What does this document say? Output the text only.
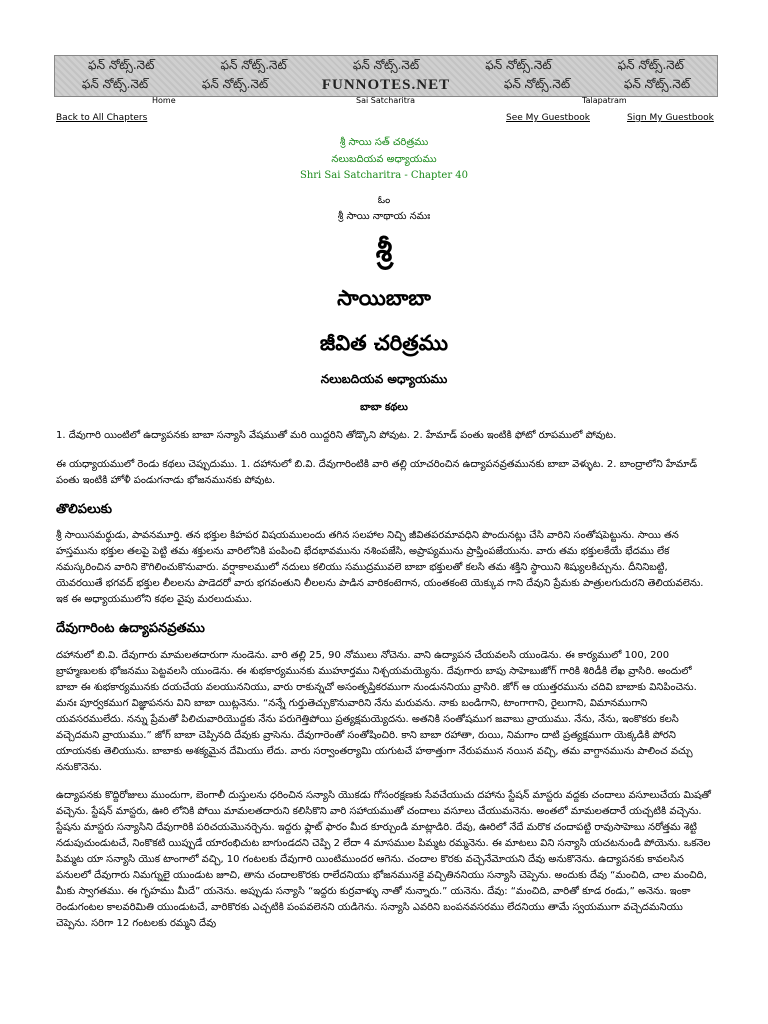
ఫన్ నోట్స్.నెట్	ఫన్ నోట్స్.నెట్	ఫన్ నోట్స్.నెట్	ఫన్ నోట్స్.నెట్	ఫన్ నోట్స్.నెట్
ఫన్ నోట్స్.నెట్	ఫన్ నోట్స్.నెట్	FUNNOTES.NET	ఫన్ నోట్స్.నెట్	ఫన్ నోట్స్.నెట్
Home	Sai Satcharitra	Talapatram
Back to All Chapters	See My Guestbook	Sign My Guestbook
శ్రీ సాయి సత్ చరిత్రము
నలుబదియవ అధ్యాయము
Shri Sai Satcharitra - Chapter 40
ఓం
శ్రీ సాయి నాథాయ నమః
శ్రీ
సాయిబాబా
జీవిత చరిత్రము
నలుబదియవ అధ్యాయము
బాబా కథలు

1. దేవుగారి యింటిలో ఉద్యాపనకు బాబా సన్యాసి వేషముతో మరి యిద్దరిని తోడ్కొని పోవుట. 2. హేమాడ్ పంతు ఇంటికి ఫోటో రూపములో పోవుట.

ఈ యధ్యాయములో రెండు కథలు చెప్పుదుము. 1. దహానులో బి.వి. దేవుగారింటికి వారి తల్లి యాచరించిన ఉద్యాపనవ్రతమునకు బాబా వెళ్ళుట. 2. బాంద్రాలోని హేమాడ్ పంతు ఇంటికి హోళీ పండుగనాడు భోజనమునకు పోవుట.

తొలిపలుకు

శ్రీ సాయిసమర్థుడు, పావనమూర్తి. తన భక్తుల కిహపర విషయములందు తగిన సలహాల నిచ్చి జీవితపరమావధిని పొందునట్లు చేసి వారిని సంతోషపెట్టును. సాయి తన హస్తమును భక్తుల తలపై పెట్టి తమ శక్తులను వారిలోనికి పంపించి భేదభావమును నశింపజేసి, అప్రాప్యమును ప్రాప్తింపజేయును. వారు తమ భక్తులకేయే భేదము లేక నమస్కరించిన వారిని కౌగిలించుకొనువారు. వర్షాకాలములో నదులు కలియు సముద్రమువలె బాబా భక్తులతో కలసి తమ శక్తిని స్థాయిని శిష్యులకిచ్చును. దీనినిబట్టి, యెవరయితే భగవద్ భక్తుల లీలలను పాడెదరో వారు భగవంతుని లీలలను పాడిన వారికంటెగాన, యంతకంటె యెక్కువ గాని దేవుని ప్రేమకు పాత్రులగుదురని తెలియవలెను. ఇక ఈ అధ్యాయములోని కథల వైపు మరలుదుము.

దేవుగారింట ఉద్యాపనవ్రతము

దహానులో బి.వి. దేవుగారు మామలతదారుగా నుండెను. వారి తల్లి 25, 90 నోములు నోచెను. వాని ఉద్యాపన చేయవలసి యుండెను. ఈ కార్యములో 100, 200 బ్రాహ్మణులకు భోజనము పెట్టవలసి యుండెను. ఈ శుభకార్యమునకు ముహూర్తము నిశ్చయమయ్యెను. దేవుగారు బాపు సాహెబుజోగ్ గారికి శిరిడీకి లేఖ వ్రాసిరి. అందులో బాబా ఈ శుభకార్యమునకు దయచేయ వలయుననియు, వారు రాకున్నచో అసంతృప్తికరముగా నుండుననియు వ్రాసిరి. జోగ్ ఆ యుత్తరమును చదివి బాబాకు వినిపించెను. మనః పూర్వకముగ విజ్ఞాపనను విని బాబా యిట్లనెను. “నన్నే గుర్తుతెచ్చుకొనువారిని నేను మరువను. నాకు బండిగాని, టాంగాగాని, రైలుగాని, విమానముగాని యవసరములేదు. నన్ను ప్రేమతో పిలిచువారియొద్దకు నేను పరుగెత్తిపోయి ప్రత్యక్షమయ్యెదను. అతనికి సంతోషముగ జవాబు వ్రాయుము. నేను, నేను, ఇంకొకరు కలసి వచ్చెదమని వ్రాయుము.” జోగ్ బాబా చెప్పినది దేవుకు వ్రాసెను. దేవుగారెంతో సంతోషించిరి. కాని బాబా రహాతా, రుయి, నిమగాం దాటి ప్రత్యక్షముగా యెక్కడికి పోరని యాయనకు తెలియును. బాబాకు అశక్యమైన దేమియు లేదు. వారు సర్వాంతర్యామి యగుటచే హఠాత్తుగా నేరుపమున నయిన వచ్చి, తమ వాగ్దానమును పాలించ వచ్చు ననుకొనెను.

ఉద్యాపనకు కొద్దిరోజులు ముందుగా, బెంగాలీ దుస్తులను ధరించిన సన్యాసి యొకడు గోసంరక్షణకు సేవచేయుచు దహాను స్టేషన్ మాస్టరు వద్దకు చందాలు వసూలుచేయ మిషతో వచ్చెను. స్టేషన్ మాస్టరు, ఊరి లోనికి పోయి మామలతదారుని కలిసికొని వారి సహాయముతో చందాలు వసూలు చేయుమనెను. అంతలో మామలతదారే యచ్చటికి వచ్చెను. స్టేషను మాస్టరు సన్యాసిని దేవుగారికి పరిచయమొనర్చెను. ఇద్దరు ఫ్లాట్ ఫారం మీద కూర్చుండి మాట్లాడిరి. దేవు, ఊరిలో నేదే మరొక చందాపట్టి రావుసాహెబు నరోత్తమ శెట్టి నడుపుచుండుటచే, నింకొకటి యిప్పుడే యారంభిచుట బాగుండదని చెప్పి 2 లేదా 4 మాసముల పిమ్మట రమ్మనెను. ఈ మాటలు విని సన్యాసి యచటనుండి పోయెను. ఒకనెల పిమ్మట యా సన్యాసి యొక టాంగాలో వచ్చి, 10 గంటలకు దేవుగారి యింటిముందర ఆగెను. చందాల కొరకు వచ్చెనేమోయని దేవు అనుకొనెను. ఉద్యాపనకు కావలసిన పనులలో దేవుగారు నిమగ్నులై యుండుట జూచి, తాను చందాలకొరకు రాలేదనియు భోజనమునకై వచ్చితిననియు సన్యాసి చెప్పెను. అందుకు దేవు “మంచిది, చాల మంచిది, మీకు స్వాగతము. ఈ గృహము మీదే” యనెను. అప్పుడు సన్యాసి “ఇద్దరు కుర్రవాళ్ళు నాతో నున్నారు.” యనెను. దేవు: “మంచిది, వారితో కూడ రండు,” అనెను. ఇంకా రెండుగంటల కాలవరిమితి యుండుటచే, వారికొరకు ఎచ్చటికి పంపవలెనని యడిగెను. సన్యాసి ఎవరిని బంపనవసరము లేదనియు తామే స్వయముగా వచ్చెదమనియు చెప్పెను. సరిగా 12 గంటలకు రమ్మని దేవు
